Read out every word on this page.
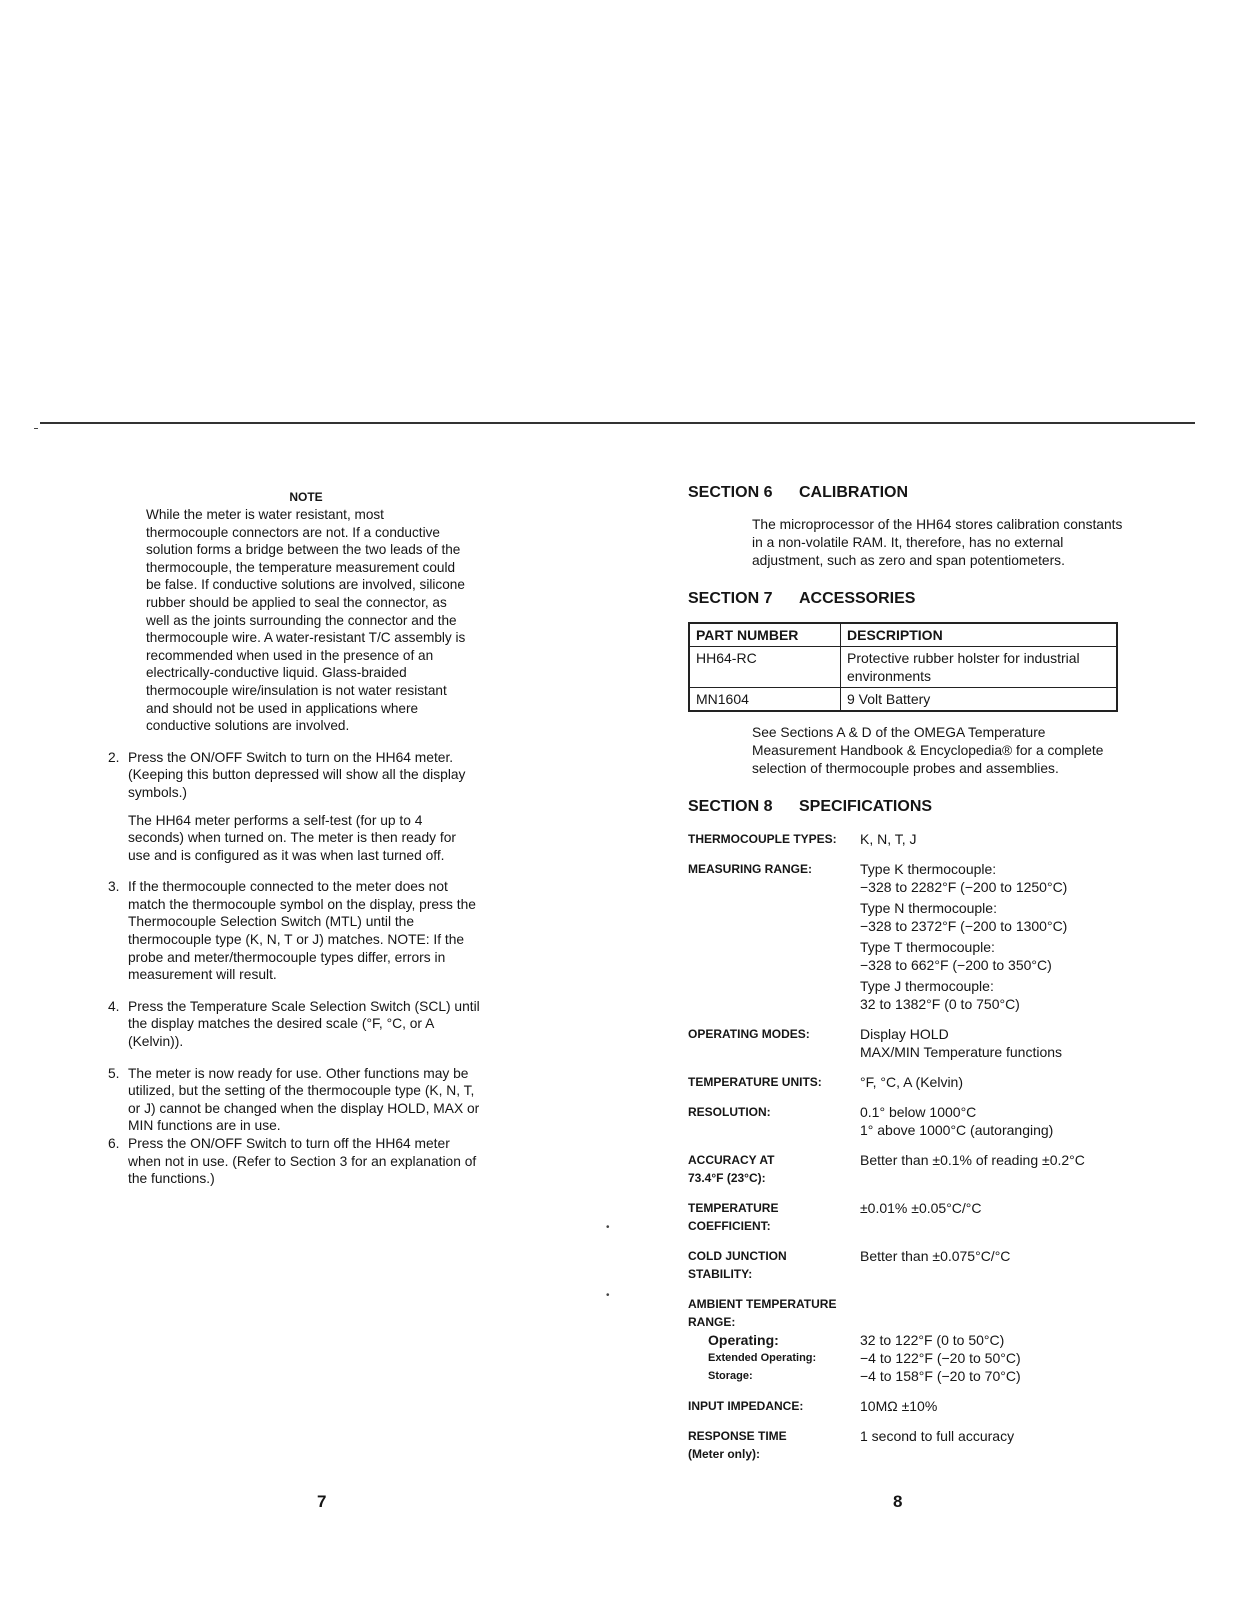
NOTE
While the meter is water resistant, most thermocouple connectors are not. If a conductive solution forms a bridge between the two leads of the thermocouple, the temperature measurement could be false. If conductive solutions are involved, silicone rubber should be applied to seal the connector, as well as the joints surrounding the connector and the thermocouple wire. A water-resistant T/C assembly is recommended when used in the presence of an electrically-conductive liquid. Glass-braided thermocouple wire/insulation is not water resistant and should not be used in applications where conductive solutions are involved.
2. Press the ON/OFF Switch to turn on the HH64 meter. (Keeping this button depressed will show all the display symbols.)

The HH64 meter performs a self-test (for up to 4 seconds) when turned on. The meter is then ready for use and is configured as it was when last turned off.

3. If the thermocouple connected to the meter does not match the thermocouple symbol on the display, press the Thermocouple Selection Switch (MTL) until the thermocouple type (K, N, T or J) matches. NOTE: If the probe and meter/thermocouple types differ, errors in measurement will result.

4. Press the Temperature Scale Selection Switch (SCL) until the display matches the desired scale (°F, °C, or A (Kelvin)).

5. The meter is now ready for use. Other functions may be utilized, but the setting of the thermocouple type (K, N, T, or J) cannot be changed when the display HOLD, MAX or MIN functions are in use.

6. Press the ON/OFF Switch to turn off the HH64 meter when not in use. (Refer to Section 3 for an explanation of the functions.)

SECTION 6 CALIBRATION
The microprocessor of the HH64 stores calibration constants in a non-volatile RAM. It, therefore, has no external adjustment, such as zero and span potentiometers.
SECTION 7 ACCESSORIES
PART NUMBER	DESCRIPTION
HH64-RC	Protective rubber holster for industrial environments
MN1604	9 Volt Battery
See Sections A & D of the OMEGA Temperature Measurement Handbook & Encyclopedia® for a complete selection of thermocouple probes and assemblies.
SECTION 8 SPECIFICATIONS
THERMOCOUPLE TYPES:	K, N, T, J
MEASURING RANGE:	Type K thermocouple:
−328 to 2282°F (−200 to 1250°C)
Type N thermocouple:
−328 to 2372°F (−200 to 1300°C)
Type T thermocouple:
−328 to 662°F (−200 to 350°C)
Type J thermocouple:
32 to 1382°F (0 to 750°C)
OPERATING MODES:	Display HOLD
MAX/MIN Temperature functions
TEMPERATURE UNITS:	°F, °C, A (Kelvin)
RESOLUTION:	0.1° below 1000°C
1° above 1000°C (autoranging)
ACCURACY AT
73.4°F (23°C):
Better than ±0.1% of reading ±0.2°C
TEMPERATURE
COEFFICIENT:
±0.01% ±0.05°C/°C
COLD JUNCTION
STABILITY:
Better than ±0.075°C/°C
AMBIENT TEMPERATURE
RANGE:
Operating:	32 to 122°F (0 to 50°C)
Extended Operating:	−4 to 122°F (−20 to 50°C)
Storage:	−4 to 158°F (−20 to 70°C)
INPUT IMPEDANCE:	10MΩ ±10%
RESPONSE TIME
(Meter only):
1 second to full accuracy
7	8
•
•
